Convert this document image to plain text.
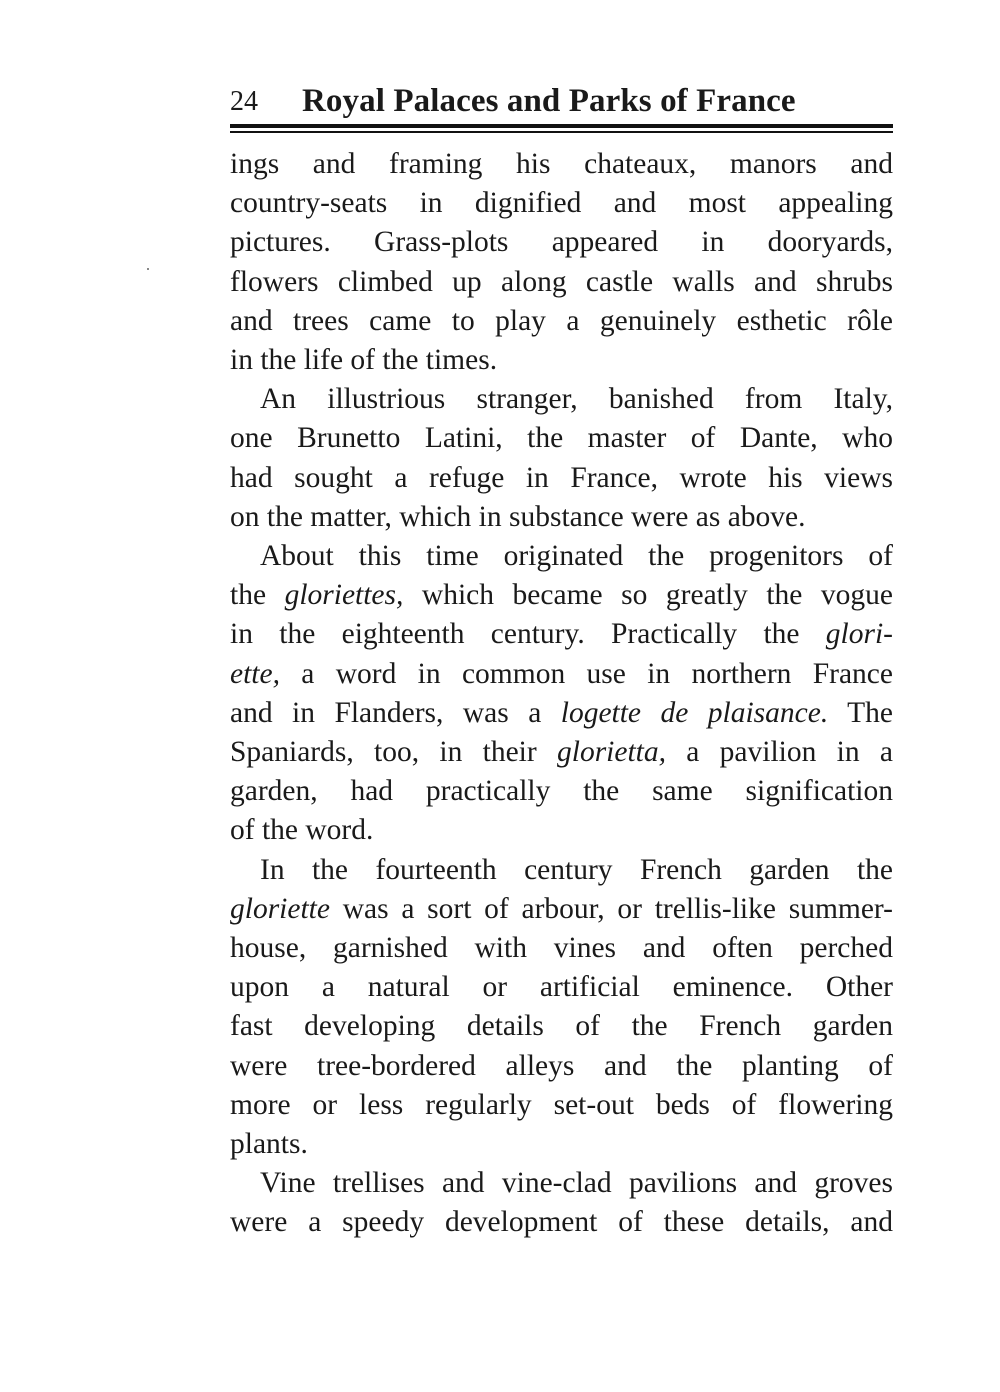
24 Royal Palaces and Parks of France
ings and framing his chateaux, manors and
country-seats in dignified and most appealing
pictures. Grass-plots appeared in dooryards,
flowers climbed up along castle walls and shrubs
and trees came to play a genuinely esthetic rôle
in the life of the times.
An illustrious stranger, banished from Italy,
one Brunetto Latini, the master of Dante, who
had sought a refuge in France, wrote his views
on the matter, which in substance were as above.
About this time originated the progenitors of
the gloriettes, which became so greatly the vogue
in the eighteenth century. Practically the glori-
ette, a word in common use in northern France
and in Flanders, was a logette de plaisance. The
Spaniards, too, in their glorietta, a pavilion in a
garden, had practically the same signification
of the word.
In the fourteenth century French garden the
gloriette was a sort of arbour, or trellis-like summer-
house, garnished with vines and often perched
upon a natural or artificial eminence. Other
fast developing details of the French garden
were tree-bordered alleys and the planting of
more or less regularly set-out beds of flowering
plants.
Vine trellises and vine-clad pavilions and groves
were a speedy development of these details, and
